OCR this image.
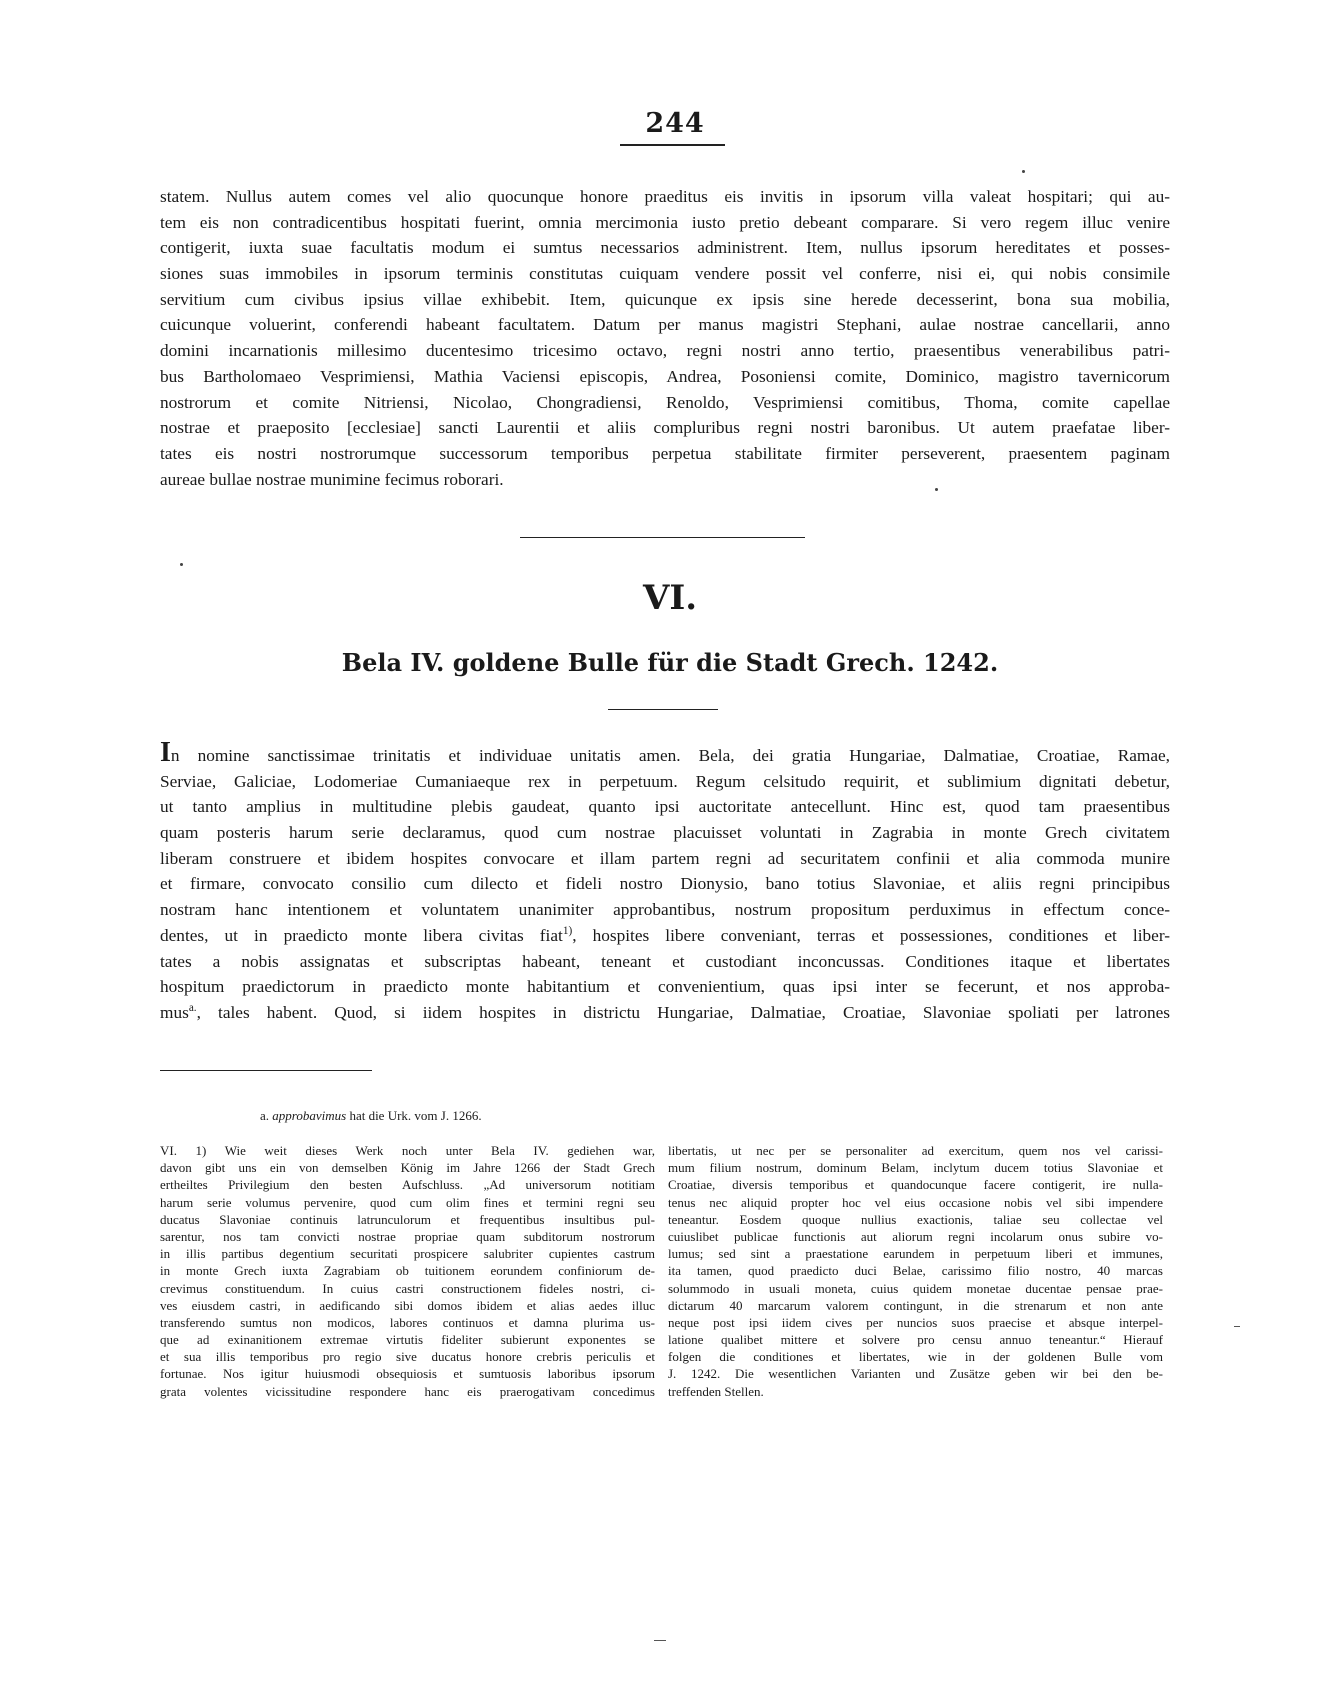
244
statem. Nullus autem comes vel alio quocunque honore praeditus eis invitis in ipsorum villa valeat hospitari; qui au-
tem eis non contradicentibus hospitati fuerint, omnia mercimonia iusto pretio debeant comparare. Si vero regem illuc venire
contigerit, iuxta suae facultatis modum ei sumtus necessarios administrent. Item, nullus ipsorum hereditates et posses-
siones suas immobiles in ipsorum terminis constitutas cuiquam vendere possit vel conferre, nisi ei, qui nobis consimile
servitium cum civibus ipsius villae exhibebit. Item, quicunque ex ipsis sine herede decesserint, bona sua mobilia,
cuicunque voluerint, conferendi habeant facultatem. Datum per manus magistri Stephani, aulae nostrae cancellarii, anno
domini incarnationis millesimo ducentesimo tricesimo octavo, regni nostri anno tertio, praesentibus venerabilibus patri-
bus Bartholomaeo Vesprimiensi, Mathia Vaciensi episcopis, Andrea, Posoniensi comite, Dominico, magistro tavernicorum
nostrorum et comite Nitriensi, Nicolao, Chongradiensi, Renoldo, Vesprimiensi comitibus, Thoma, comite capellae
nostrae et praeposito [ecclesiae] sancti Laurentii et aliis compluribus regni nostri baronibus. Ut autem praefatae liber-
tates eis nostri nostrorumque successorum temporibus perpetua stabilitate firmiter perseverent, praesentem paginam
aureae bullae nostrae munimine fecimus roborari.
VI.
Bela IV. goldene Bulle für die Stadt Grech. 1242.
In nomine sanctissimae trinitatis et individuae unitatis amen. Bela, dei gratia Hungariae, Dalmatiae, Croatiae, Ramae,
Serviae, Galiciae, Lodomeriae Cumaniaeque rex in perpetuum. Regum celsitudo requirit, et sublimium dignitati debetur,
ut tanto amplius in multitudine plebis gaudeat, quanto ipsi auctoritate antecellunt. Hinc est, quod tam praesentibus
quam posteris harum serie declaramus, quod cum nostrae placuisset voluntati in Zagrabia in monte Grech civitatem
liberam construere et ibidem hospites convocare et illam partem regni ad securitatem confinii et alia commoda munire
et firmare, convocato consilio cum dilecto et fideli nostro Dionysio, bano totius Slavoniae, et aliis regni principibus
nostram hanc intentionem et voluntatem unanimiter approbantibus, nostrum propositum perduximus in effectum conce-
dentes, ut in praedicto monte libera civitas fiat$^{1)}$, hospites libere conveniant, terras et possessiones, conditiones et liber-
tates a nobis assignatas et subscriptas habeant, teneant et custodiant inconcussas. Conditiones itaque et libertates
hospitum praedictorum in praedicto monte habitantium et convenientium, quas ipsi inter se fecerunt, et nos approba-
mus$^{a.}$, tales habent. Quod, si iidem hospites in districtu Hungariae, Dalmatiae, Croatiae, Slavoniae spoliati per latrones
a. approbavimus hat die Urk. vom J. 1266.
VI. 1) Wie weit dieses Werk noch unter Bela IV. gediehen war,
davon gibt uns ein von demselben König im Jahre 1266 der Stadt Grech
ertheiltes Privilegium den besten Aufschluss. „Ad universorum notitiam
harum serie volumus pervenire, quod cum olim fines et termini regni seu
ducatus Slavoniae continuis latrunculorum et frequentibus insultibus pul-
sarentur, nos tam convicti nostrae propriae quam subditorum nostrorum
in illis partibus degentium securitati prospicere salubriter cupientes castrum
in monte Grech iuxta Zagrabiam ob tuitionem eorundem confiniorum de-
crevimus constituendum. In cuius castri constructionem fideles nostri, ci-
ves eiusdem castri, in aedificando sibi domos ibidem et alias aedes illuc
transferendo sumtus non modicos, labores continuos et damna plurima us-
que ad exinanitionem extremae virtutis fideliter subierunt exponentes se
et sua illis temporibus pro regio sive ducatus honore crebris periculis et
fortunae. Nos igitur huiusmodi obsequiosis et sumtuosis laboribus ipsorum
grata volentes vicissitudine respondere hanc eis praerogativam concedimus
libertatis, ut nec per se personaliter ad exercitum, quem nos vel carissi-
mum filium nostrum, dominum Belam, inclytum ducem totius Slavoniae et
Croatiae, diversis temporibus et quandocunque facere contigerit, ire nulla-
tenus nec aliquid propter hoc vel eius occasione nobis vel sibi impendere
teneantur. Eosdem quoque nullius exactionis, taliae seu collectae vel
cuiuslibet publicae functionis aut aliorum regni incolarum onus subire vo-
lumus; sed sint a praestatione earundem in perpetuum liberi et immunes,
ita tamen, quod praedicto duci Belae, carissimo filio nostro, 40 marcas
solummodo in usuali moneta, cuius quidem monetae ducentae pensae prae-
dictarum 40 marcarum valorem contingunt, in die strenarum et non ante
neque post ipsi iidem cives per nuncios suos praecise et absque interpel-
latione qualibet mittere et solvere pro censu annuo teneantur.“ Hierauf
folgen die conditiones et libertates, wie in der goldenen Bulle vom
J. 1242. Die wesentlichen Varianten und Zusätze geben wir bei den be-
treffenden Stellen.
